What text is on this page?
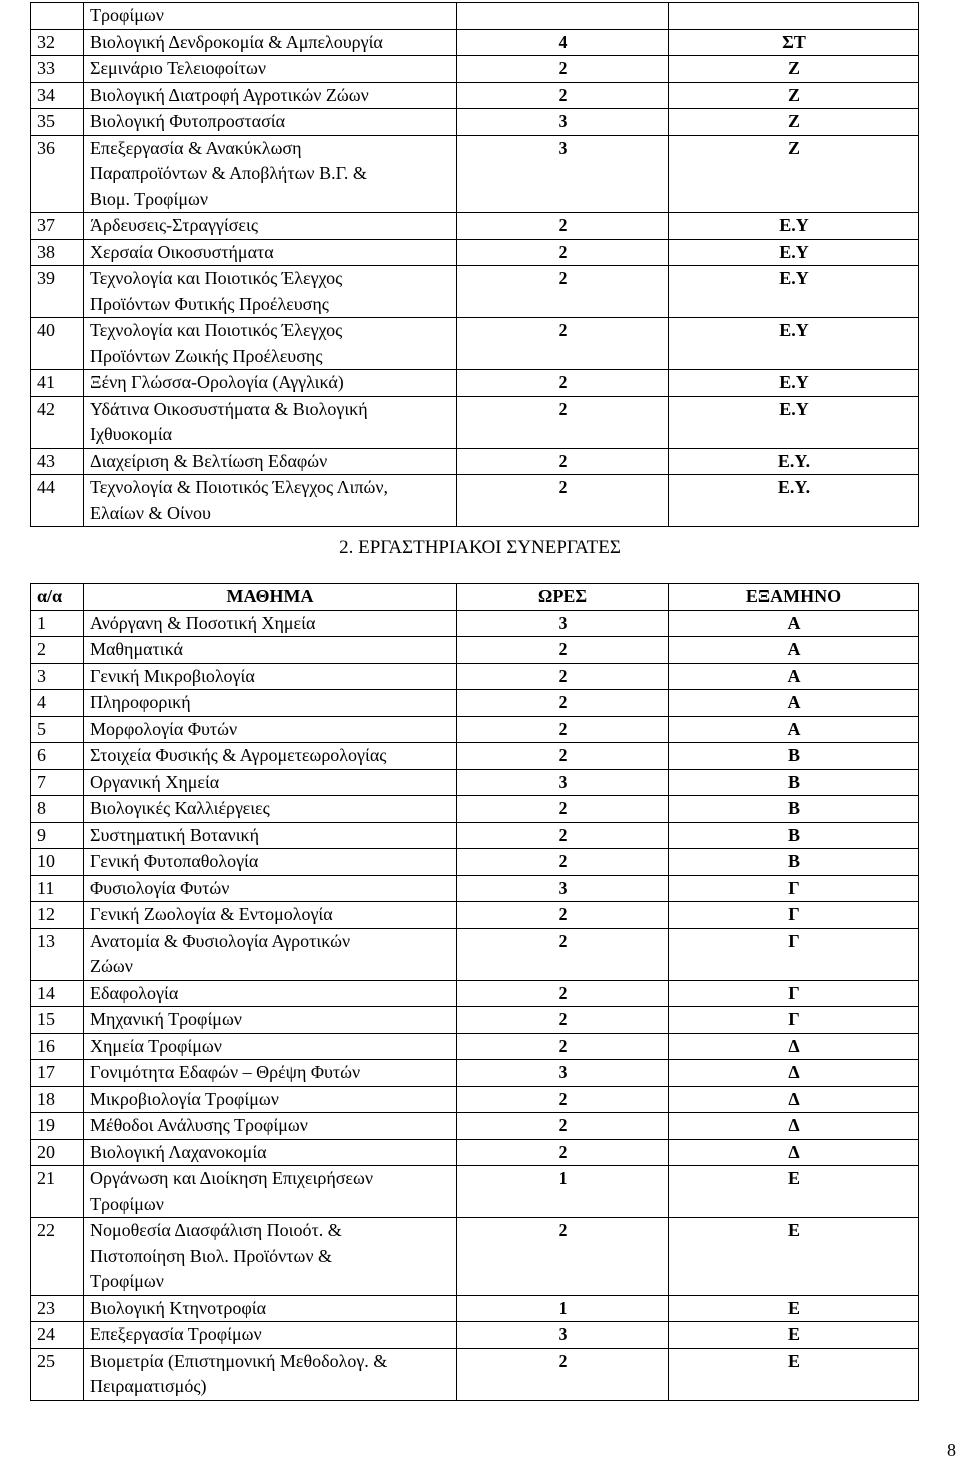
	Τροφίμων		
32	Βιολογική Δενδροκομία & Αμπελουργία	4	ΣΤ
33	Σεμινάριο Τελειοφοίτων	2	Ζ
34	Βιολογική Διατροφή Αγροτικών Ζώων	2	Ζ
35	Βιολογική Φυτοπροστασία	3	Ζ
36	Επεξεργασία & Ανακύκλωση
Παραπροϊόντων & Αποβλήτων Β.Γ. &
Βιομ. Τροφίμων	3	Ζ
37	Άρδευσεις-Στραγγίσεις	2	Ε.Υ
38	Χερσαία Οικοσυστήματα	2	Ε.Υ
39	Τεχνολογία και Ποιοτικός Έλεγχος
Προϊόντων Φυτικής Προέλευσης	2	Ε.Υ
40	Τεχνολογία και Ποιοτικός Έλεγχος
Προϊόντων Ζωικής Προέλευσης	2	Ε.Υ
41	Ξένη Γλώσσα-Ορολογία (Αγγλικά)	2	Ε.Υ
42	Υδάτινα Οικοσυστήματα & Βιολογική
Ιχθυοκομία	2	Ε.Υ
43	Διαχείριση & Βελτίωση Εδαφών	2	Ε.Υ.
44	Τεχνολογία & Ποιοτικός Έλεγχος Λιπών,
Ελαίων & Οίνου	2	Ε.Υ.
2. ΕΡΓΑΣΤΗΡΙΑΚΟΙ ΣΥΝΕΡΓΑΤΕΣ
α/α	ΜΑΘΗΜΑ	ΩΡΕΣ	ΕΞΑΜΗΝΟ
1	Ανόργανη & Ποσοτική Χημεία	3	Α
2	Μαθηματικά	2	Α
3	Γενική Μικροβιολογία	2	Α
4	Πληροφορική	2	Α
5	Μορφολογία Φυτών	2	Α
6	Στοιχεία Φυσικής & Αγρομετεωρολογίας	2	Β
7	Οργανική Χημεία	3	Β
8	Βιολογικές Καλλιέργειες	2	Β
9	Συστηματική Βοτανική	2	Β
10	Γενική Φυτοπαθολογία	2	Β
11	Φυσιολογία Φυτών	3	Γ
12	Γενική Ζωολογία & Εντομολογία	2	Γ
13	Ανατομία & Φυσιολογία Αγροτικών
Ζώων	2	Γ
14	Εδαφολογία	2	Γ
15	Μηχανική Τροφίμων	2	Γ
16	Χημεία Τροφίμων	2	Δ
17	Γονιμότητα Εδαφών – Θρέψη Φυτών	3	Δ
18	Μικροβιολογία Τροφίμων	2	Δ
19	Μέθοδοι Ανάλυσης Τροφίμων	2	Δ
20	Βιολογική Λαχανοκομία	2	Δ
21	Οργάνωση και Διοίκηση Επιχειρήσεων
Τροφίμων	1	Ε
22	Νομοθεσία Διασφάλιση Ποιοότ. &
Πιστοποίηση Βιολ. Προϊόντων &
Τροφίμων	2	Ε
23	Βιολογική Κτηνοτροφία	1	Ε
24	Επεξεργασία Τροφίμων	3	Ε
25	Βιομετρία (Επιστημονική Μεθοδολογ. &
Πειραματισμός)	2	Ε
8
